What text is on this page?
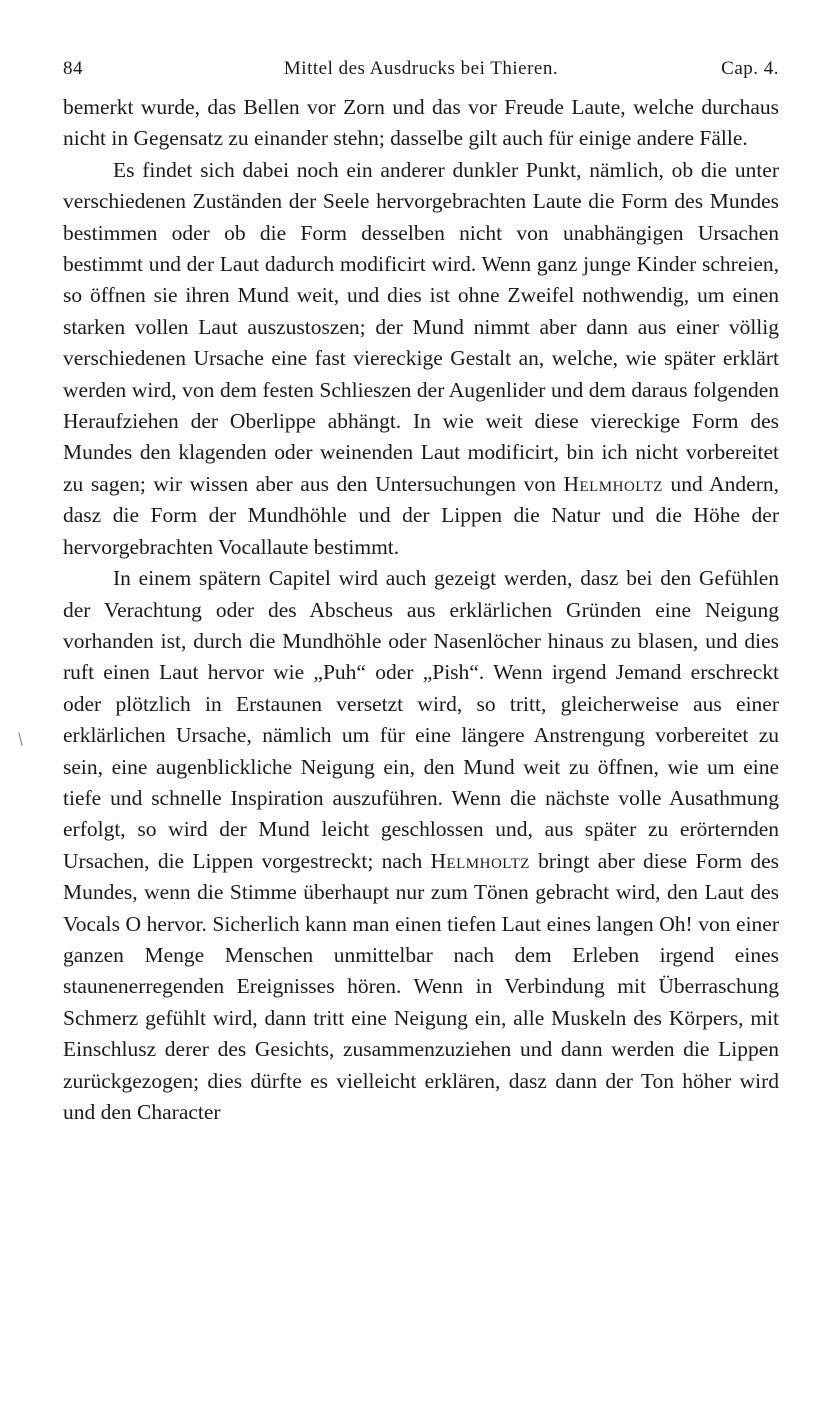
84	Mittel des Ausdrucks bei Thieren.	Cap. 4.

bemerkt wurde, das Bellen vor Zorn und das vor Freude Laute, welche durchaus nicht in Gegensatz zu einander stehn; dasselbe gilt auch für einige andere Fälle.

Es findet sich dabei noch ein anderer dunkler Punkt, nämlich, ob die unter verschiedenen Zuständen der Seele hervorgebrachten Laute die Form des Mundes bestimmen oder ob die Form desselben nicht von unabhängigen Ursachen bestimmt und der Laut dadurch modificirt wird. Wenn ganz junge Kinder schreien, so öffnen sie ihren Mund weit, und dies ist ohne Zweifel nothwendig, um einen starken vollen Laut auszustoszen; der Mund nimmt aber dann aus einer völlig verschiedenen Ursache eine fast viereckige Gestalt an, welche, wie später erklärt werden wird, von dem festen Schlieszen der Augenlider und dem daraus folgenden Heraufziehen der Oberlippe abhängt. In wie weit diese viereckige Form des Mundes den klagenden oder weinenden Laut modificirt, bin ich nicht vorbereitet zu sagen; wir wissen aber aus den Untersuchungen von Helmholtz und Andern, dasz die Form der Mundhöhle und der Lippen die Natur und die Höhe der hervorgebrachten Vocallaute bestimmt.

In einem spätern Capitel wird auch gezeigt werden, dasz bei den Gefühlen der Verachtung oder des Abscheus aus erklärlichen Gründen eine Neigung vorhanden ist, durch die Mundhöhle oder Nasenlöcher hinaus zu blasen, und dies ruft einen Laut hervor wie „Puh“ oder „Pish“. Wenn irgend Jemand erschreckt oder plötzlich in Erstaunen versetzt wird, so tritt, gleicherweise aus einer erklärlichen Ursache, nämlich um für eine längere Anstrengung vorbereitet zu sein, eine augenblickliche Neigung ein, den Mund weit zu öffnen, wie um eine tiefe und schnelle Inspiration auszuführen. Wenn die nächste volle Ausathmung erfolgt, so wird der Mund leicht geschlossen und, aus später zu erörternden Ursachen, die Lippen vorgestreckt; nach Helmholtz bringt aber diese Form des Mundes, wenn die Stimme überhaupt nur zum Tönen gebracht wird, den Laut des Vocals O hervor. Sicherlich kann man einen tiefen Laut eines langen Oh! von einer ganzen Menge Menschen unmittelbar nach dem Erleben irgend eines staunenerregenden Ereignisses hören. Wenn in Verbindung mit Überraschung Schmerz gefühlt wird, dann tritt eine Neigung ein, alle Muskeln des Körpers, mit Einschlusz derer des Gesichts, zusammenzuziehen und dann werden die Lippen zurückgezogen; dies dürfte es vielleicht erklären, dasz dann der Ton höher wird und den Character
